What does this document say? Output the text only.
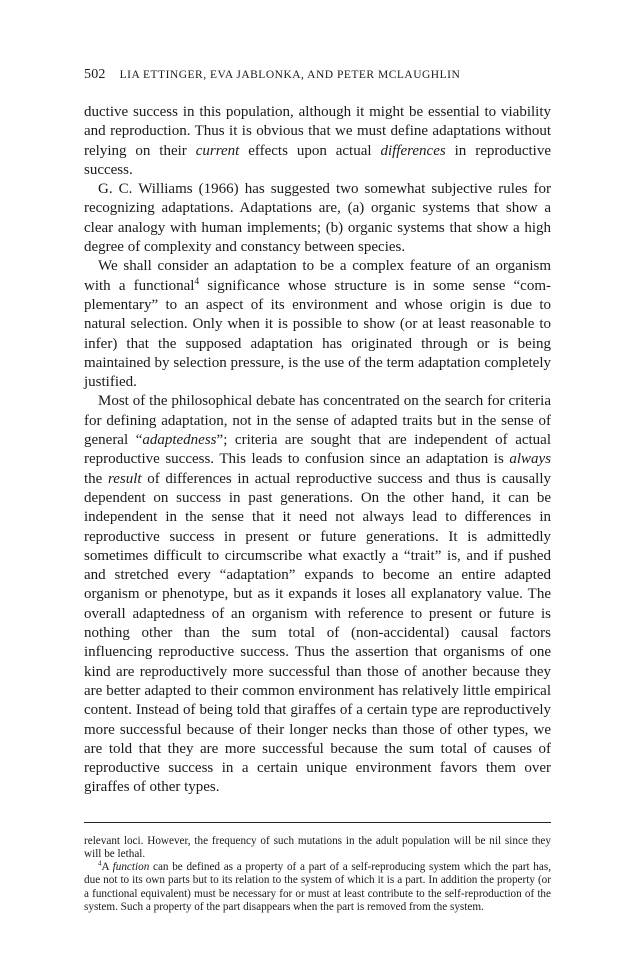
502 LIA ETTINGER, EVA JABLONKA, AND PETER MCLAUGHLIN

ductive success in this population, although it might be essential to viability and reproduction. Thus it is obvious that we must define adaptations without relying on their current effects upon actual differences in reproductive success.

G. C. Williams (1966) has suggested two somewhat subjective rules for recognizing adaptations. Adaptations are, (a) organic systems that show a clear analogy with human implements; (b) organic systems that show a high degree of complexity and constancy between species.

We shall consider an adaptation to be a complex feature of an organism with a functional$^4$ significance whose structure is in some sense “complementary” to an aspect of its environment and whose origin is due to natural selection. Only when it is possible to show (or at least reasonable to infer) that the supposed adaptation has originated through or is being maintained by selection pressure, is the use of the term adaptation completely justified.

Most of the philosophical debate has concentrated on the search for criteria for defining adaptation, not in the sense of adapted traits but in the sense of general “adaptedness”; criteria are sought that are independent of actual reproductive success. This leads to confusion since an adaptation is always the result of differences in actual reproductive success and thus is causally dependent on success in past generations. On the other hand, it can be independent in the sense that it need not always lead to differences in reproductive success in present or future generations. It is admittedly sometimes difficult to circumscribe what exactly a “trait” is, and if pushed and stretched every “adaptation” expands to become an entire adapted organism or phenotype, but as it expands it loses all explanatory value. The overall adaptedness of an organism with reference to present or future is nothing other than the sum total of (non-accidental) causal factors influencing reproductive success. Thus the assertion that organisms of one kind are reproductively more successful than those of another because they are better adapted to their common environment has relatively little empirical content. Instead of being told that giraffes of a certain type are reproductively more successful because of their longer necks than those of other types, we are told that they are more successful because the sum total of causes of reproductive success in a certain unique environment favors them over giraffes of other types.

relevant loci. However, the frequency of such mutations in the adult population will be nil since they will be lethal.

$^4$A function can be defined as a property of a part of a self-reproducing system which the part has, due not to its own parts but to its relation to the system of which it is a part. In addition the property (or a functional equivalent) must be necessary for or must at least contribute to the self-reproduction of the system. Such a property of the part disappears when the part is removed from the system.
